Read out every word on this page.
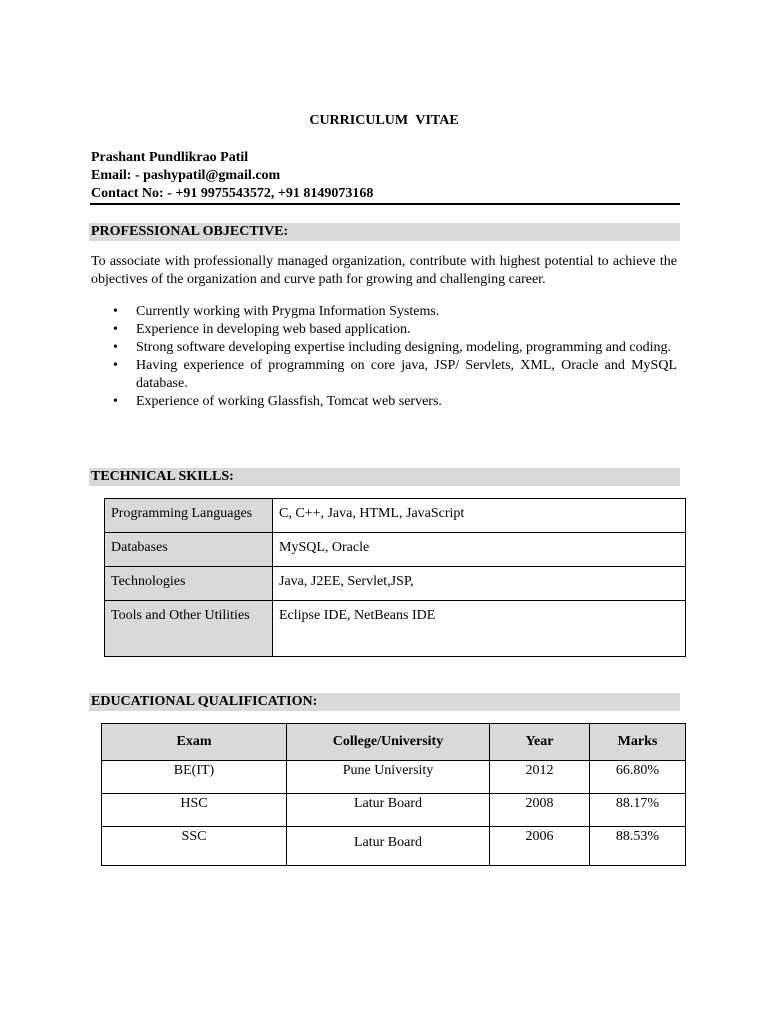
CURRICULUM VITAE
Prashant Pundlikrao Patil
Email: - pashypatil@gmail.com
Contact No: - +91 9975543572, +91 8149073168
PROFESSIONAL OBJECTIVE:

To associate with professionally managed organization, contribute with highest potential to achieve the objectives of the organization and curve path for growing and challenging career.

• Currently working with Prygma Information Systems.
• Experience in developing web based application.
• Strong software developing expertise including designing, modeling, programming and coding.
• Having experience of programming on core java, JSP/ Servlets, XML, Oracle and MySQL database.
• Experience of working Glassfish, Tomcat web servers.
TECHNICAL SKILLS:
Programming Languages	C, C++, Java, HTML, JavaScript
Databases	MySQL, Oracle
Technologies	Java, J2EE, Servlet,JSP,
Tools and Other Utilities	Eclipse IDE, NetBeans IDE
EDUCATIONAL QUALIFICATION:
Exam	College/University	Year	Marks
BE(IT)	Pune University	2012	66.80%
HSC	Latur Board	2008	88.17%
SSC	Latur Board	2006	88.53%
